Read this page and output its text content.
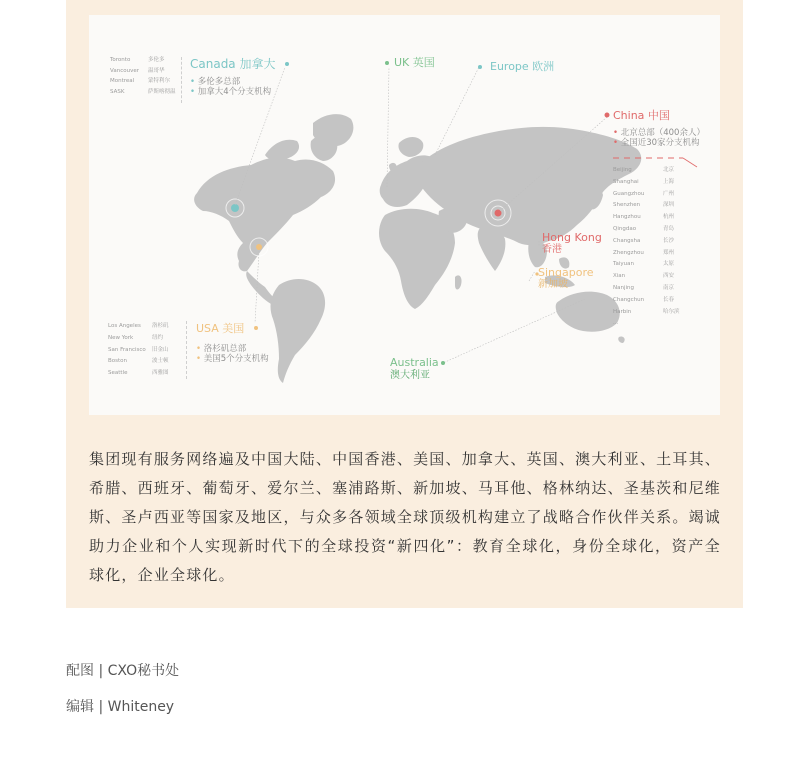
Toronto	多伦多
Vancouver 温哥华
Montreal	蒙特利尔
SASK	萨斯喀彻温
Canada 加拿大
• 多伦多总部
• 加拿大4个分支机构
UK 英国	Europe 欧洲
China 中国
• 北京总部（400余人）
• 全国近30家分支机构
Beijing	北京
Shanghai	上海
Guangzhou	广州
Shenzhen	深圳
Hangzhou	杭州
Qingdao	青岛
Changsha	长沙
Zhengzhou	郑州
Taiyuan	太原
Xian	西安
Nanjing	南京
Changchun	长春
Harbin	哈尔滨
...
Hong Kong
香港
Singapore
新加坡
Los Angeles	洛杉矶
New York	纽约
San Francisco 旧金山
Boston	波士顿
Seattle	西雅图
USA 美国
• 洛杉矶总部
• 美国5个分支机构	Australia
澳大利亚

集团现有服务网络遍及中国大陆、中国香港、美国、加拿大、英国、澳大利亚、土耳其、希腊、西班牙、葡萄牙、爱尔兰、塞浦路斯、新加坡、马耳他、格林纳达、圣基茨和尼维斯、圣卢西亚等国家及地区，与众多各领域全球顶级机构建立了战略合作伙伴关系。竭诚助力企业和个人实现新时代下的全球投资“新四化”：教育全球化，身份全球化，资产全球化，企业全球化。

配图 | CXO秘书处
编辑 | Whiteney
